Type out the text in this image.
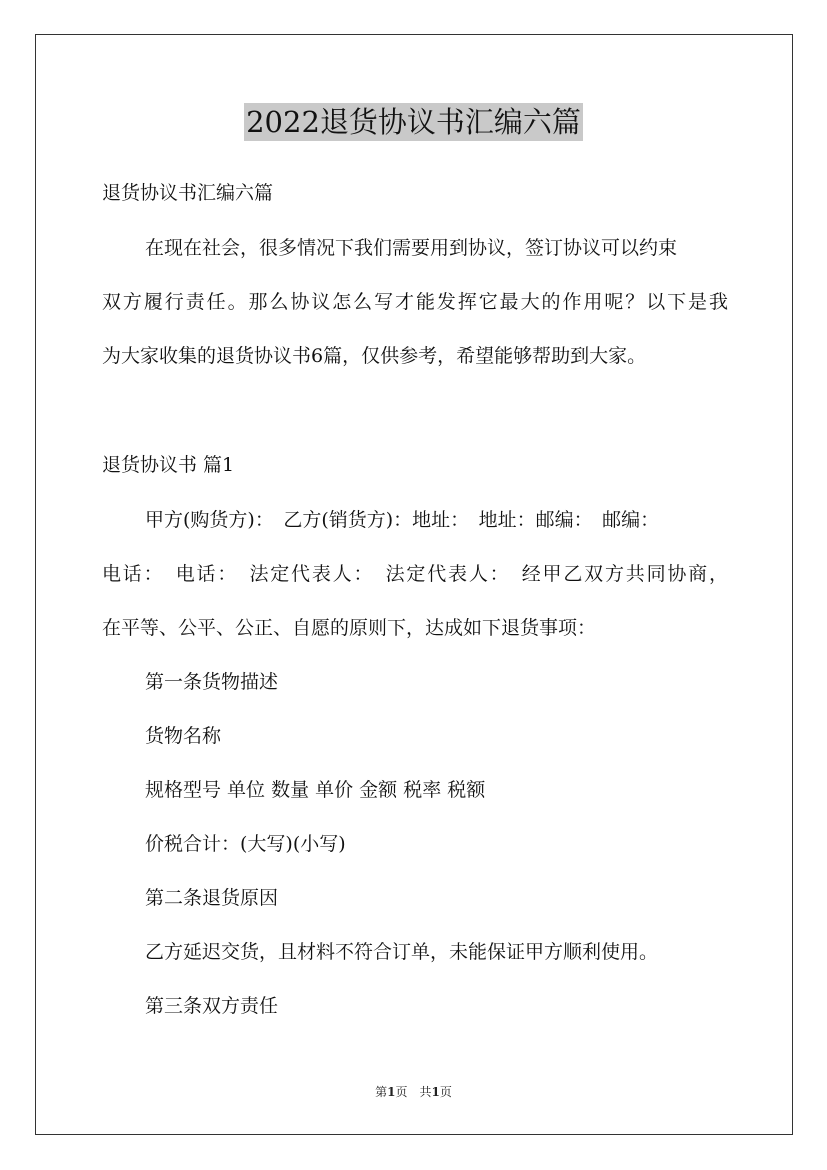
2022退货协议书汇编六篇
退货协议书汇编六篇
在现在社会，很多情况下我们需要用到协议，签订协议可以约束
双方履行责任。那么协议怎么写才能发挥它最大的作用呢？以下是我
为大家收集的退货协议书6篇，仅供参考，希望能够帮助到大家。
退货协议书 篇1
甲方(购货方)：　乙方(销货方)：地址：　地址：邮编：　邮编：
电话：　电话：　法定代表人：　法定代表人：　经甲乙双方共同协商，
在平等、公平、公正、自愿的原则下，达成如下退货事项：
第一条货物描述
货物名称
规格型号 单位 数量 单价 金额 税率 税额
价税合计：(大写)(小写)
第二条退货原因
乙方延迟交货，且材料不符合订单，未能保证甲方顺利使用。
第三条双方责任
第1页　共1页
